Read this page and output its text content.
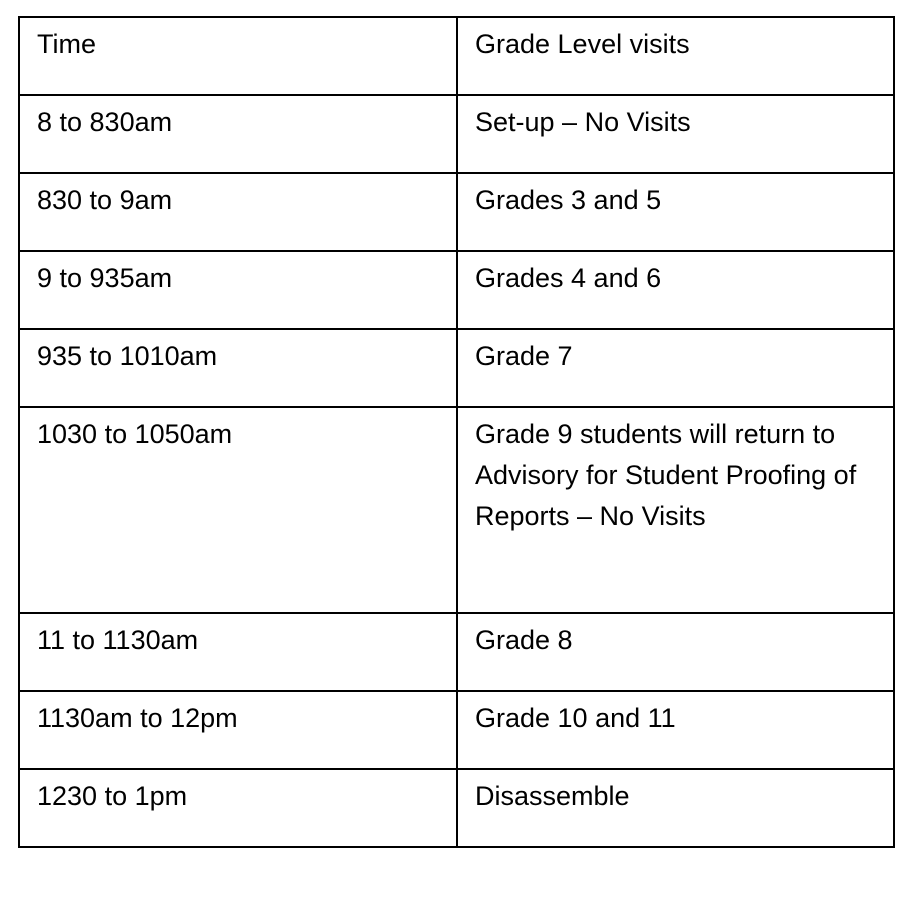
Time	Grade Level visits
8 to 830am	Set-up – No Visits
830 to 9am	Grades 3 and 5
9 to 935am	Grades 4 and 6
935 to 1010am	Grade 7
1030 to 1050am	Grade 9 students will return to Advisory for Student Proofing of Reports – No Visits
11 to 1130am	Grade 8
1130am to 12pm	Grade 10 and 11
1230 to 1pm	Disassemble
